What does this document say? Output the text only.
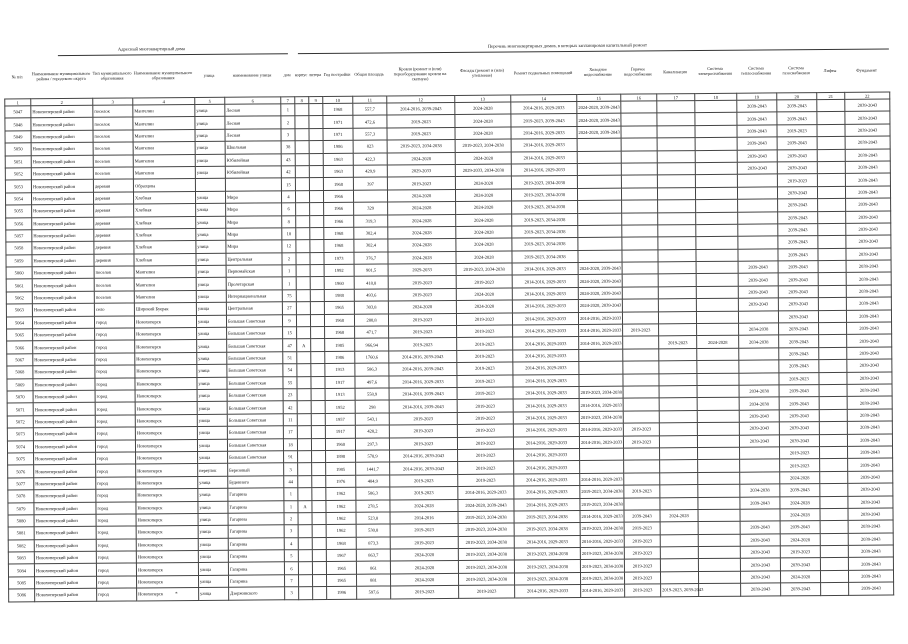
Адресный многоквартирный дома
Перечень многоквартирных домов, в которых запланирован капитальный ремонт
№ п/п
Наименование муниципального района / городского округа
Тип муниципального образования
Наименование муниципального образования
улица	наименование улицы	дом корпус литера Год постройки Общая площадь
Кровля (ремонт и (или) переоборудование кровли на скатную)
Фасады (ремонт и (или) утепление)
Ремонт подвальных помещений
Холодное водоснабжение
Горячее водоснабжение
Канализация
Система электроснабжения
Система теплоснабжения
Система газоснабжения
Лифты	Фундамент
1	2	3	4	5	6	7	8	9	10	11	12	13	14	15	16	17	18	19	20	21	22
5047	Новохоперский район	поселок	Мангелин	улица	Лесная	1			1968	557,7	2014-2016, 2039-2043	2024-2028	2014-2016, 2029-2033	2024-2028, 2039-2043				2039-2043	2039-2043		2039-2043
5048	Новохоперский район	поселок	Мангелин	улица	Лесная	2			1971	472,6	2019-2023	2024-2028	2019-2023, 2039-2043	2024-2028, 2039-2043				2039-2043	2039-2043		2039-2043
5049	Новохоперский район	поселок	Мангелин	улица	Лесная	3			1971	557,3	2019-2023	2024-2028	2014-2016, 2029-2033	2024-2028, 2039-2043				2039-2043	2019-2023		2039-2043
5050	Новохоперский район	поселок	Мангелин	улица	Школьная	38			1986	823	2019-2023, 2034-2038	2019-2023, 2034-2038	2014-2016, 2029-2033					2039-2043	2039-2043		2039-2043
5051	Новохоперский район	поселок	Мангелин	улица	Юбилейная	43			1963	422,3	2024-2028	2024-2028	2014-2016, 2029-2033					2039-2043	2039-2043		2039-2043
5052	Новохоперский район	поселок	Мангелин	улица	Юбилейная	42			1963	429,9	2029-2033	2029-2033, 2034-2038	2014-2016, 2029-2033					2039-2043	2039-2043		2039-2043
5053	Новохоперский район	деревня	Образцова			15			1968	397	2019-2023	2024-2028	2019-2023, 2034-2038						2019-2023		2039-2043
5054	Новохоперский район	деревня	Хлебная	улица	Мира	4			1966		2024-2028	2024-2028	2019-2023, 2034-2038						2039-2043		2039-2043
5055	Новохоперский район	деревня	Хлебная	улица	Мира	6			1966	329	2024-2028	2024-2028	2019-2023, 2034-2038						2039-2043		2039-2043
5056	Новохоперский район	деревня	Хлебная	улица	Мира	8			1966	319,3	2024-2028	2024-2028	2019-2023, 2034-2038						2039-2043		2039-2043
5057	Новохоперский район	деревня	Хлебная	улица	Мира	10			1968	302,4	2024-2028	2024-2028	2019-2023, 2034-2038						2039-2043		2039-2043
5058	Новохоперский район	деревня	Хлебная	улица	Мира	12			1968	302,4	2024-2028	2024-2028	2019-2023, 2034-2038						2039-2043		2039-2043
5059	Новохоперский район	деревня	Хлебная	улица	Центральная	2			1973	376,7	2024-2028	2024-2028	2019-2023, 2034-2038						2039-2043		2039-2043
5060	Новохоперский район	поселок	Мангелин	улица	Первомайская	1			1992	901,5	2029-2033	2019-2023, 2034-2038	2014-2016, 2029-2033	2024-2028, 2039-2043				2039-2043	2039-2043		2039-2043
5061	Новохоперский район	поселок	Мангелин	улица	Пролетарская	1			1960	418,8	2019-2023	2019-2023	2014-2016, 2029-2033	2024-2028, 2039-2043				2039-2043	2039-2043		2039-2043
5062	Новохоперский район	поселок	Мангелин	улица	Интернациональная	75			1988	493,6	2019-2023	2024-2028	2014-2016, 2029-2033	2024-2028, 2039-2043				2039-2043	2039-2043		2039-2043
5063	Новохоперский район	село	Широкий Буерак	улица	Центральная	27			1965	303,8	2024-2028	2024-2028	2014-2016, 2029-2033	2024-2028, 2039-2043				2039-2043	2039-2043		2039-2043
5064	Новохоперский район	город	Новохоперск	улица	Большая Советская	9			1968	280,8	2019-2023	2019-2023	2014-2016, 2029-2033	2014-2016, 2029-2033					2039-2043		2039-2043
5065	Новохоперский район	город	Новохоперск	улица	Большая Советская	15			1960	471,7	2019-2023	2019-2023	2014-2016, 2029-2033	2014-2016, 2029-2033	2019-2023			2034-2038	2039-2043		2039-2043
5066	Новохоперский район	город	Новохоперск	улица	Большая Советская	47	А		1985	966,94	2019-2023	2019-2023	2014-2016, 2029-2033	2014-2016, 2029-2033		2019-2023	2024-2028	2034-2038	2039-2043		2039-2043
5067	Новохоперский район	город	Новохоперск	улица	Большая Советская	51			1986	1760,6	2014-2016, 2039-2043	2019-2023	2014-2016, 2029-2033						2039-2043		2039-2043
5068	Новохоперский район	город	Новохоперск	улица	Большая Советская	54			1913	586,3	2014-2016, 2039-2043	2019-2023	2014-2016, 2029-2033						2039-2043		2039-2043
5069	Новохоперский район	город	Новохоперск	улица	Большая Советская	55			1917	497,6	2014-2016, 2029-2033	2019-2023	2014-2016, 2029-2033						2019-2023		2039-2043
5070	Новохоперский район	город	Новохоперск	улица	Большая Советская	23			1913	558,9	2014-2016, 2039-2043	2019-2023	2014-2016, 2029-2033	2019-2023, 2034-2038				2034-2038	2039-2043		2039-2043
5071	Новохоперский район	город	Новохоперск	улица	Большая Советская	42			1952	298	2014-2016, 2039-2043	2019-2023	2014-2016, 2029-2033	2014-2016, 2029-2033				2034-2038	2039-2043		2039-2043
5072	Новохоперский район	город	Новохоперск	улица	Большая Советская	11			1957	543,1	2019-2023	2019-2023	2014-2016, 2029-2033	2019-2023, 2034-2038				2039-2043	2039-2043		2039-2043
5073	Новохоперский район	город	Новохоперск	улица	Большая Советская	17			1917	428,2	2019-2023	2019-2023	2014-2016, 2029-2033	2014-2016, 2029-2033	2019-2023			2039-2043	2039-2043		2039-2043
5074	Новохоперский район	город	Новохоперск	улица	Большая Советская	18			1960	297,3	2019-2023	2019-2023	2014-2016, 2029-2033	2014-2016, 2029-2033	2019-2023			2039-2043	2039-2043		2039-2043
5075	Новохоперский район	город	Новохоперск	улица	Большая Советская	91			1898	578,9	2014-2016, 2039-2043	2019-2023	2014-2016, 2029-2033						2019-2023		2039-2043
5076	Новохоперский район	город	Новохоперск	переулок	Березовый	3			1985	1441,7	2014-2016, 2039-2043	2019-2023	2014-2016, 2029-2033						2019-2023		2039-2043
5077	Новохоперский район	город	Новохоперск	улица	Буденного	44			1976	484,9	2019-2023	2019-2023	2014-2016, 2029-2033	2014-2016, 2029-2033					2024-2028		2039-2043
5078	Новохоперский район	город	Новохоперск	улица	Гагарина	1			1962	506,3	2019-2023	2014-2016, 2029-2033	2014-2016, 2029-2033	2019-2023, 2034-2038	2019-2023			2034-2038	2039-2043		2039-2043
5079	Новохоперский район	город	Новохоперск	улица	Гагарина	1	А		1962	278,5	2024-2028	2024-2028, 2039-2043	2014-2016, 2029-2033	2019-2023, 2034-2038				2039-2043	2024-2028		2039-2043
5080	Новохоперский район	город	Новохоперск	улица	Гагарина	2			1962	523,8	2014-2016	2019-2023, 2034-2038	2019-2023, 2034-2038	2014-2016, 2029-2033	2039-2043	2024-2028			2024-2028		2039-2043
5081	Новохоперский район	город	Новохоперск	улица	Гагарина	3			1962	530,8	2019-2023	2019-2023, 2034-2038	2019-2023, 2034-2038	2019-2023, 2034-2038	2019-2023			2039-2043	2039-2043		2039-2043
5082	Новохоперский район	город	Новохоперск	улица	Гагарина	4			1968	873,3	2019-2023	2019-2023, 2034-2038	2014-2016, 2029-2033	2014-2016, 2029-2033	2019-2023			2039-2043	2024-2028		2039-2043
5083	Новохоперский район	город	Новохоперск	улица	Гагарина	5			1967	863,7	2024-2028	2019-2023, 2034-2038	2019-2023, 2034-2038	2019-2023, 2034-2038	2019-2023			2039-2043	2019-2023		2039-2043
5084	Новохоперский район	город	Новохоперск	улица	Гагарина	6			1965	861	2024-2028	2019-2023, 2034-2038	2019-2023, 2034-2038	2019-2023, 2034-2038	2019-2023			2039-2043	2039-2043		2039-2043
5085	Новохоперский район	город	Новохоперск	улица	Гагарина	7			1965	881	2024-2028	2019-2023, 2034-2038	2019-2023, 2034-2038	2019-2023, 2034-2038	2019-2023			2039-2043	2024-2028		2039-2043
5086	Новохоперский район	город	Новохоперск	улица	Дзержинского	3			1996	597,6	2019-2023	2019-2023	2014-2016, 2029-2033	2014-2016, 2029-2033	2019-2023	2019-2023, 2039-2043		2039-2043	2039-2043		2039-2043
*
